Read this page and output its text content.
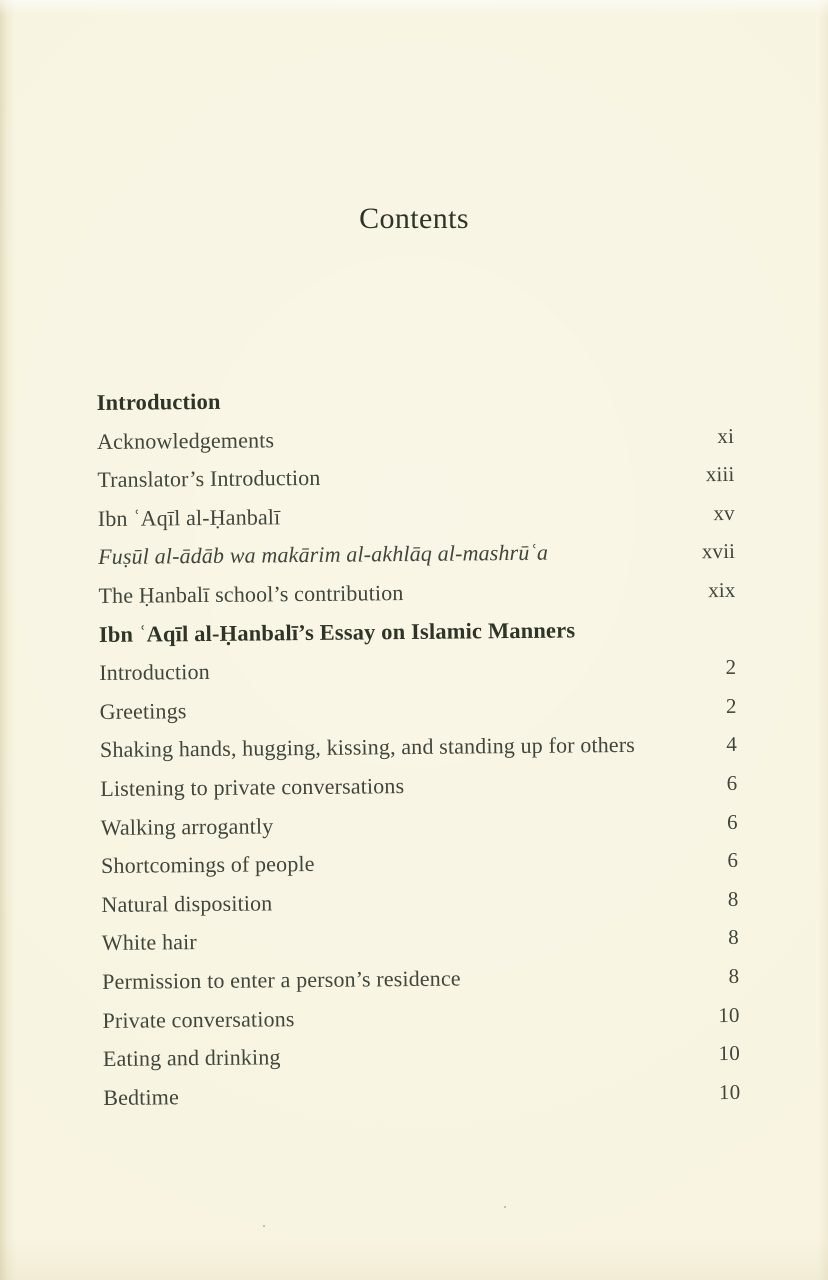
Contents
Introduction
Acknowledgements	xi
Translator’s Introduction	xiii
Ibn ʿAqīl al-Ḥanbalī	xv
Fuṣūl al-ādāb wa makārim al-akhlāq al-mashrūʿa	xvii
The Ḥanbalī school’s contribution	xix
Ibn ʿAqīl al-Ḥanbalī’s Essay on Islamic Manners
Introduction	2
Greetings	2
Shaking hands, hugging, kissing, and standing up for others	4
Listening to private conversations	6
Walking arrogantly	6
Shortcomings of people	6
Natural disposition	8
White hair	8
Permission to enter a person’s residence	8
Private conversations	10
Eating and drinking	10
Bedtime	10
